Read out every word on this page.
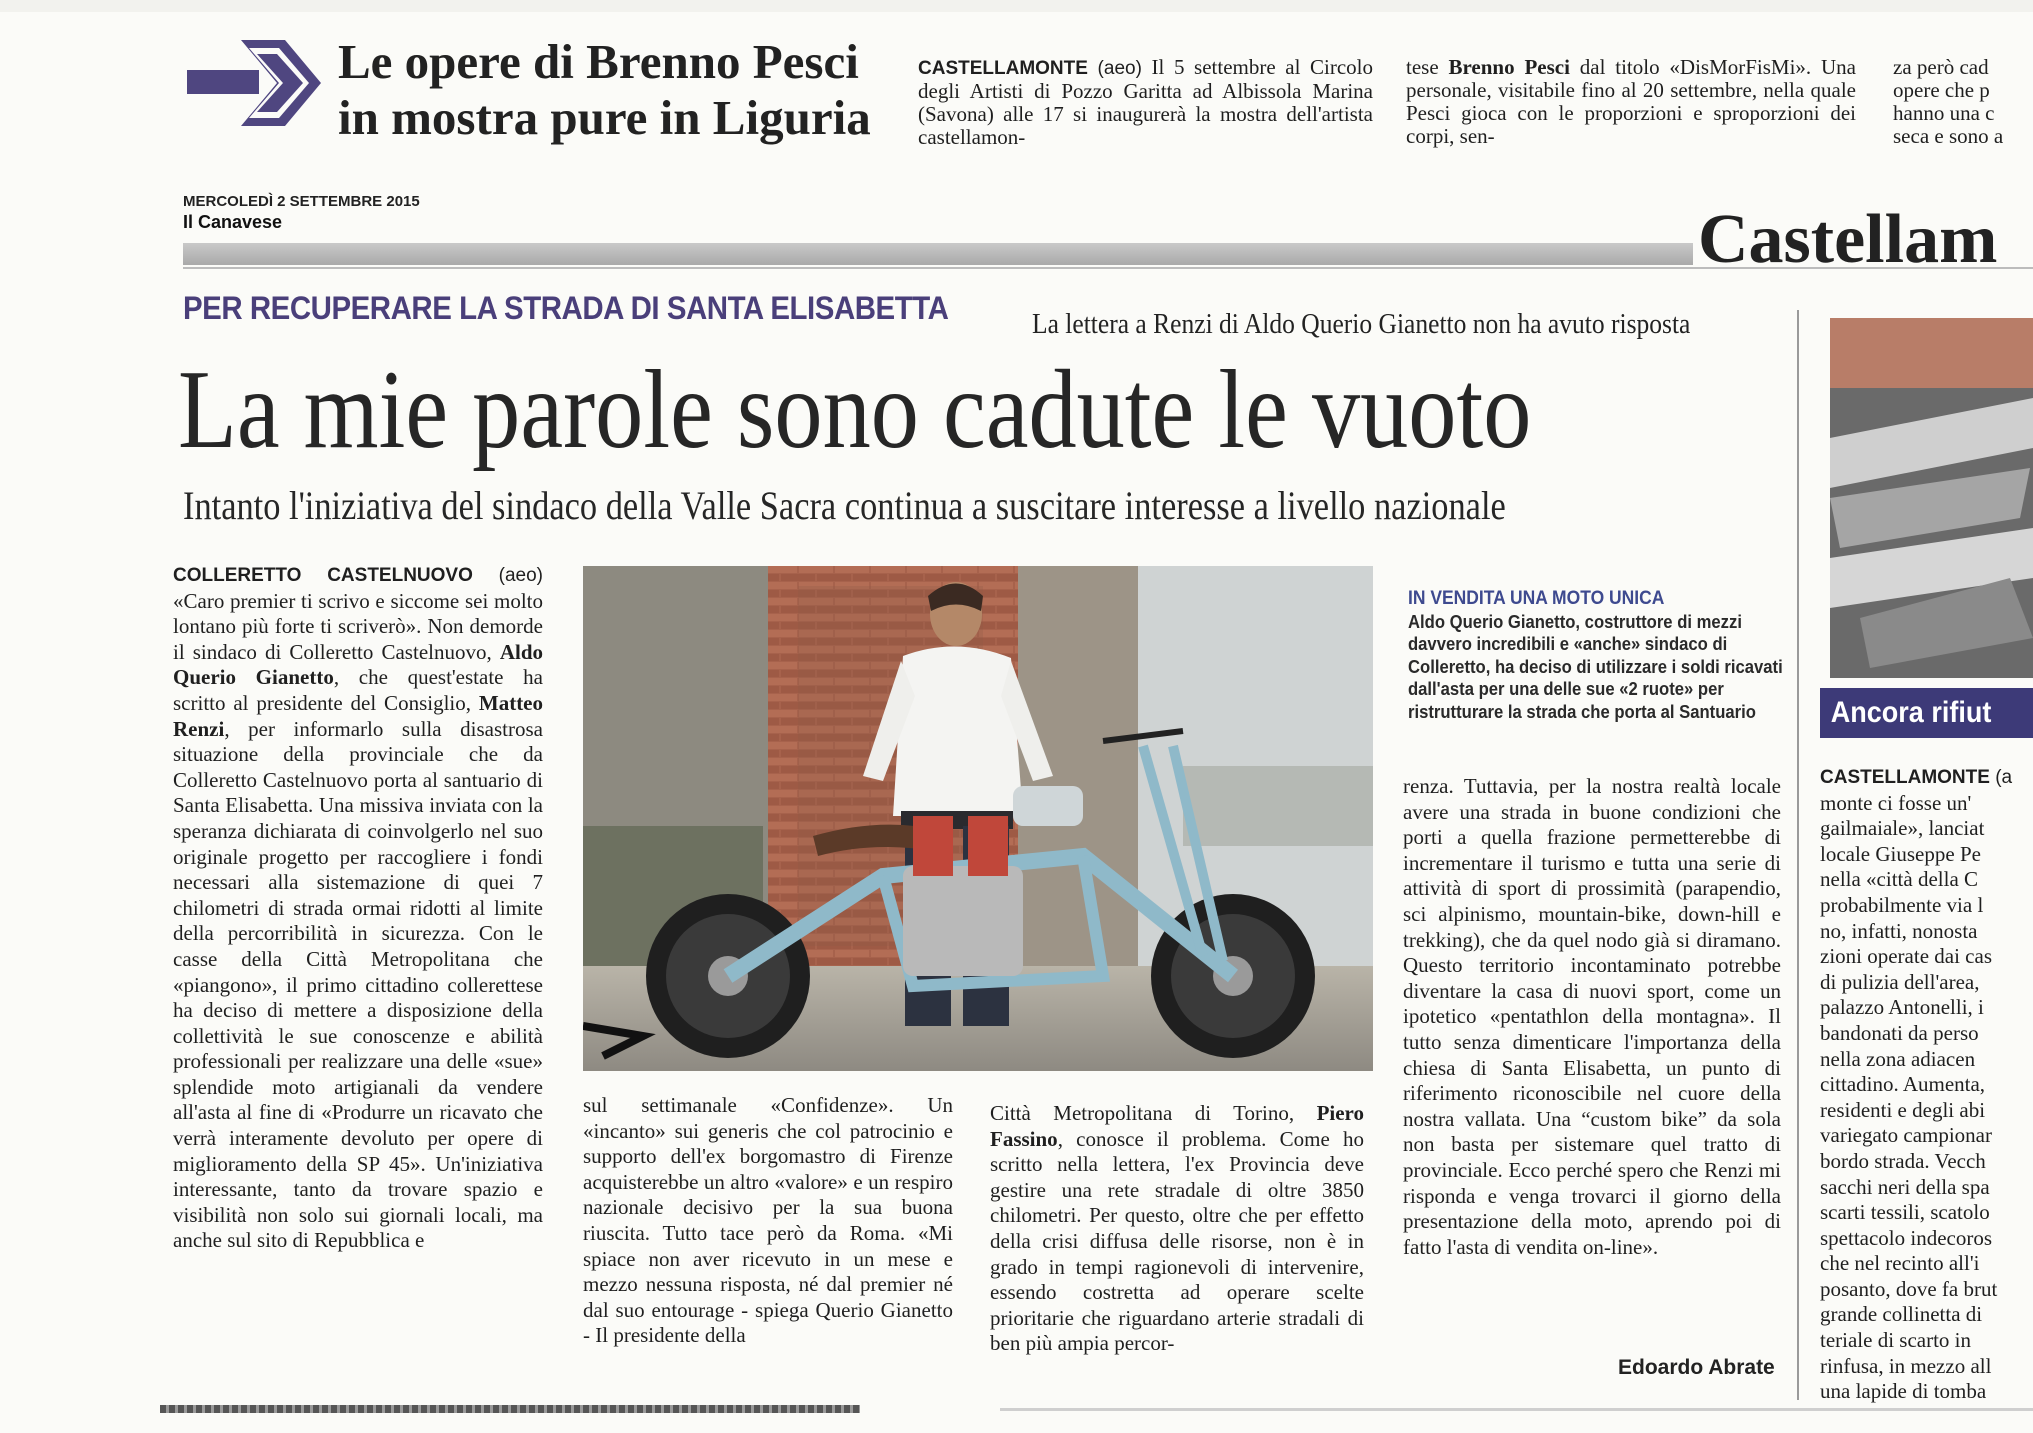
Le opere di Brenno Pesci
in mostra pure in Liguria
CASTELLAMONTE (aeo) Il 5 settembre al Circolo degli Artisti di Pozzo Garitta ad Albissola Marina (Savona) alle 17 si inaugurerà la mostra dell'artista castellamon-
tese Brenno Pesci dal titolo «DisMorFisMi». Una personale, visitabile fino al 20 settembre, nella quale Pesci gioca con le proporzioni e sproporzioni dei corpi, sen-
za però cad
opere che p
hanno una c
seca e sono a
MERCOLEDÌ 2 SETTEMBRE 2015
Il Canavese	Castellam
PER RECUPERARE LA STRADA DI SANTA ELISABETTA	La lettera a Renzi di Aldo Querio Gianetto non ha avuto risposta
La mie parole sono cadute le vuoto
Intanto l'iniziativa del sindaco della Valle Sacra continua a suscitare interesse a livello nazionale
COLLERETTO CASTELNUOVO (aeo) «Caro premier ti scrivo e siccome sei molto lontano più forte ti scriverò». Non demorde il sindaco di Colleretto Castelnuovo, Aldo Querio Gianetto, che quest'estate ha scritto al presidente del Consiglio, Matteo Renzi, per informarlo sulla disastrosa situazione della provinciale che da Colleretto Castelnuovo porta al santuario di Santa Elisabetta. Una missiva inviata con la speranza dichiarata di coinvolgerlo nel suo originale progetto per raccogliere i fondi necessari alla sistemazione di quei 7 chilometri di strada ormai ridotti al limite della percorribilità in sicurezza. Con le casse della Città Metropolitana che «piangono», il primo cittadino collerettese ha deciso di mettere a disposizione della collettività le sue conoscenze e abilità professionali per realizzare una delle «sue» splendide moto artigianali da vendere all'asta al fine di «Produrre un ricavato che verrà interamente devoluto per opere di miglioramento della SP 45». Un'iniziativa interessante, tanto da trovare spazio e visibilità non solo sui giornali locali, ma anche sul sito di Repubblica e
sul settimanale «Confidenze». Un «incanto» sui generis che col patrocinio e supporto dell'ex borgomastro di Firenze acquisterebbe un altro «valore» e un respiro nazionale decisivo per la sua buona riuscita. Tutto tace però da Roma. «Mi spiace non aver ricevuto in un mese e mezzo nessuna risposta, né dal premier né dal suo entourage - spiega Querio Gianetto - Il presidente della
Città Metropolitana di Torino, Piero Fassino, conosce il problema. Come ho scritto nella lettera, l'ex Provincia deve gestire una rete stradale di oltre 3850 chilometri. Per questo, oltre che per effetto della crisi diffusa delle risorse, non è in grado in tempi ragionevoli di intervenire, essendo costretta ad operare scelte prioritarie che riguardano arterie stradali di ben più ampia percor-
IN VENDITA UNA MOTO UNICA
Aldo Querio Gianetto, costruttore di mezzi davvero incredibili e «anche» sindaco di Colleretto, ha deciso di utilizzare i soldi ricavati dall'asta per una delle sue «2 ruote» per ristrutturare la strada che porta al Santuario
renza. Tuttavia, per la nostra realtà locale avere una strada in buone condizioni che porti a quella frazione permetterebbe di incrementare il turismo e tutta una serie di attività di sport di prossimità (parapendio, sci alpinismo, mountain-bike, down-hill e trekking), che da quel nodo già si diramano. Questo territorio incontaminato potrebbe diventare la casa di nuovi sport, come un ipotetico «pentathlon della montagna». Il tutto senza dimenticare l'importanza della chiesa di Santa Elisabetta, un punto di riferimento riconoscibile nel cuore della nostra vallata. Una “custom bike” da sola non basta per sistemare quel tratto di provinciale. Ecco perché spero che Renzi mi risponda e venga trovarci il giorno della presentazione della moto, aprendo poi di fatto l'asta di vendita on-line».
Edoardo Abrate
Ancora rifiut
CASTELLAMONTE (a
monte ci fosse un'
gailmaiale», lanciat
locale Giuseppe Pe
nella «città della C
probabilmente via l
no, infatti, nonosta
zioni operate dai cas
di pulizia dell'area,
palazzo Antonelli, i
bandonati da perso
nella zona adiacen
cittadino. Aumenta,
residenti e degli abi
variegato campionar
bordo strada. Vecch
sacchi neri della spa
scarti tessili, scatolo
spettacolo indecoros
che nel recinto all'i
posanto, dove fa brut
grande collinetta di
teriale di scarto in
rinfusa, in mezzo all
una lapide di tomba
